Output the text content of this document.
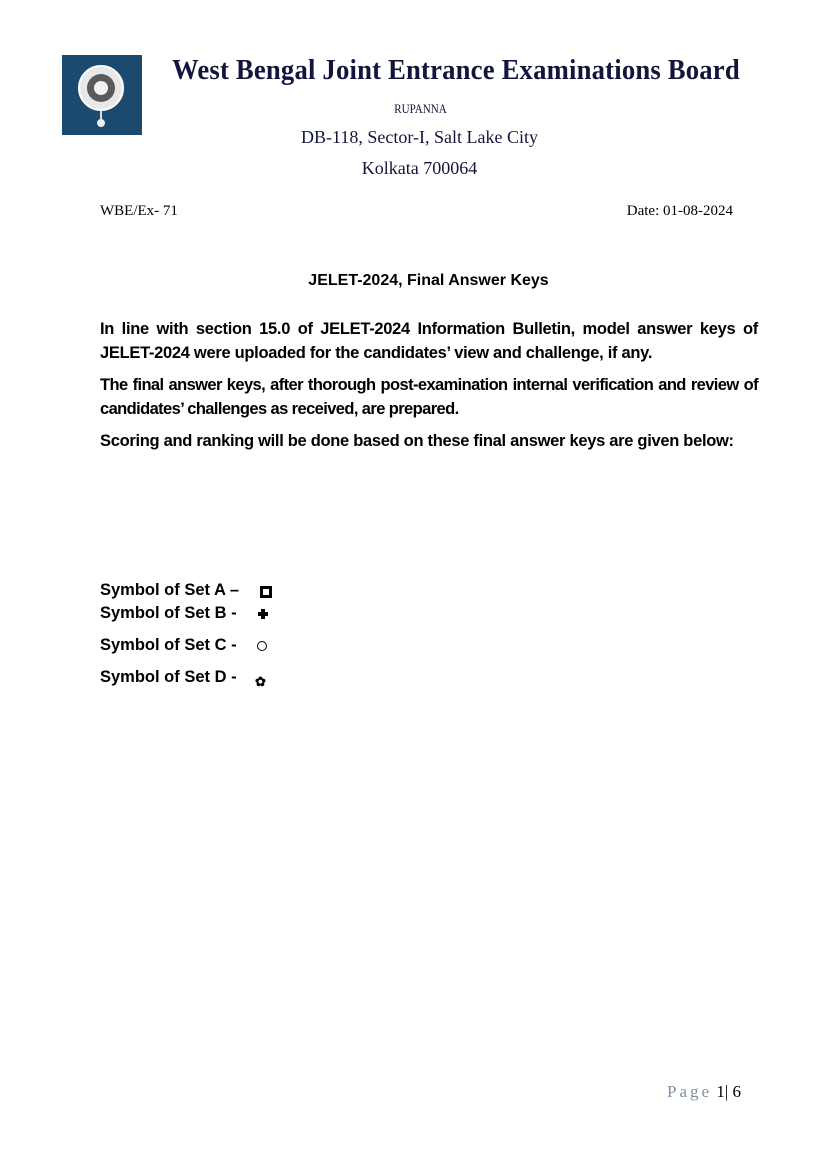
West Bengal Joint Entrance Examinations Board
RUPANNA
DB-118, Sector-I, Salt Lake City
Kolkata 700064
WBE/Ex- 71	Date: 01-08-2024
JELET-2024, Final Answer Keys
In line with section 15.0 of JELET-2024 Information Bulletin, model answer keys of JELET-2024 were uploaded for the candidates’ view and challenge, if any.
The final answer keys, after thorough post-examination internal verification and review of candidates’ challenges as received, are prepared.
Scoring and ranking will be done based on these final answer keys are given below:
Symbol of Set A –
Symbol of Set B -
Symbol of Set C -
Symbol of Set D - ✿
Page 1| 6
